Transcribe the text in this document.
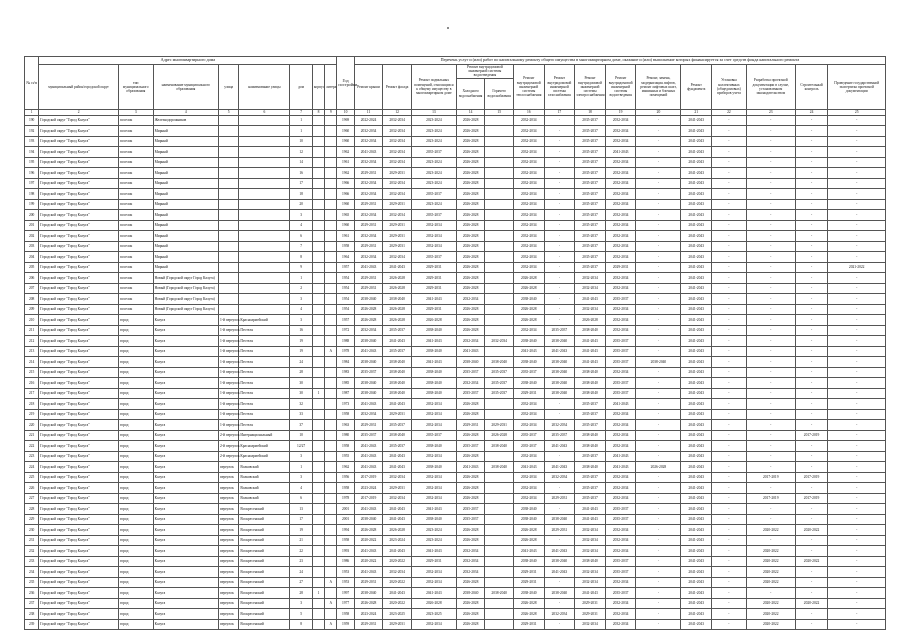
№ п/п	Адрес многоквартирного дома								Год постройки	Перечень услуг и (или) работ по капитальному ремонту общего имущества в многоквартирном доме, оказание и (или) выполнение которых финансируется за счет средств фонда капитального ремонта														
	муниципальный район/городской округ	тип муниципального образования	наименование муниципального образования	улица	наименование улицы	дом	корпус	литера		Ремонт крыши	Ремонт фасада	Ремонт подвальных помещений, относящихся к общему имуществу в многоквартирном доме	Ремонт внутридомовой инженерной системы водоотведения		Ремонт внутридомовой инженерной системы теплоснабжения	Ремонт внутридомовой инженерной системы газоснабжения	Ремонт внутридомовой инженерной системы электроснабжения	Ремонт внутридомовой инженерной системы водоотведения	Ремонт, замена, модернизация лифтов, ремонт лифтовых шахт, машинных и блочных помещений	Ремонт фундамента	Установка коллективных (общедомовых) приборов учета	Разработка проектной документации в случае, установленном законодательством	Строительный контроль	Проведение государственной экспертизы проектной документации
													Холодного водоснабжения	Горячего водоснабжения										
1	2	3	4	5	6	7	8	9	10	11	12	13	14	15	16	17	18	19	20	21	22	23	24	25
190	Городской округ "Город Калуга"	поселок	Железнодорожников			1			1969	2022-2024	2032-2034	2023-2024	2026-2028		2032-2034	-	2035-2037	2032-2034	-	2041-2043	-	-	-	-
192	Городской округ "Город Калуга"	поселок	Мирный			1			1960	2032-2034	2032-2034	2023-2024	2026-2028		2032-2034	-	2035-2037	2032-2034	-	2041-2043	-	-	-	-
193	Городской округ "Город Калуга"	поселок	Мирный			10			1960	2032-2034	2032-2034	2023-2024	2026-2028		2032-2034	-	2035-2037	2032-2034	-	2041-2043	-	-	-	-
194	Городской округ "Город Калуга"	поселок	Мирный			12			1962	2041-2043	2032-2034	2035-2037	2026-2028		2032-2034	-	2035-2037	2041-2043	-	2041-2043	-	-	-	-
195	Городской округ "Город Калуга"	поселок	Мирный			14			1961	2032-2034	2032-2034	2023-2024	2026-2028		2032-2034	-	2035-2037	2032-2034	-	2041-2043	-	-	-	-
196	Городской округ "Город Калуга"	поселок	Мирный			16			1962	2029-2031	2029-2031	2023-2024	2026-2028		2032-2034	-	2035-2037	2032-2034	-	2041-2043	-	-	-	-
197	Городской округ "Город Калуга"	поселок	Мирный			17			1966	2032-2034	2032-2034	2023-2024	2026-2028		2032-2034	-	2035-2037	2032-2034	-	2041-2043	-	-	-	-
198	Городской округ "Город Калуга"	поселок	Мирный			18			1966	2032-2034	2032-2034	2035-2037	2026-2028		2032-2034	-	2035-2037	2032-2034	-	2041-2043	-	-	-	-
199	Городской округ "Город Калуга"	поселок	Мирный			20			1960	2029-2031	2029-2031	2023-2024	2026-2028		2032-2034	-	2035-2037	2032-2034	-	2041-2043	-	-	-	-
200	Городской округ "Город Калуга"	поселок	Мирный			3			1965	2032-2034	2032-2034	2035-2037	2026-2028		2032-2034	-	2035-2037	2032-2034	-	2041-2043	-	-	-	-
201	Городской округ "Город Калуга"	поселок	Мирный			4			1960	2029-2031	2029-2031	2032-2034	2026-2028		2032-2034	-	2035-2037	2032-2034	-	2041-2043	-	-	-	-
202	Городской округ "Город Калуга"	поселок	Мирный			6			1961	2032-2034	2029-2031	2032-2034	2026-2028		2032-2034	-	2035-2037	2032-2034	-	2041-2043	-	-	-	-
203	Городской округ "Город Калуга"	поселок	Мирный			7			1958	2029-2031	2029-2031	2032-2034	2026-2028		2032-2034	-	2035-2037	2032-2034	-	2041-2043	-	-	-	-
204	Городской округ "Город Калуга"	поселок	Мирный			8			1964	2032-2034	2032-2034	2035-2037	2026-2028		2032-2034	-	2035-2037	2032-2034	-	2041-2043	-	-	-	-
205	Городской округ "Город Калуга"	поселок	Мирный			9			1957	2041-2043	2041-2043	2029-2031	2026-2028		2032-2034	-	2035-2037	2029-2031	-	2041-2043	-	-	-	2021-2022
206	Городской округ "Город Калуга"	поселок	Новый (Городской округ Город Калуга)			1			1954	2029-2031	2026-2028	2029-2031	2026-2028		2026-2028	-	2032-2034	2032-2034	-	2041-2043	-	-	-	-
207	Городской округ "Город Калуга"	поселок	Новый (Городской округ Город Калуга)			2			1954	2029-2031	2026-2028	2029-2031	2026-2028		2026-2028	-	2032-2034	2032-2034	-	2041-2043	-	-	-	-
208	Городской округ "Город Калуга"	поселок	Новый (Городской округ Город Калуга)			3			1954	2038-2040	2038-2040	2041-2043	2032-2034		2038-2040	-	2041-2043	2035-2037	-	2041-2043	-	-	-	-
209	Городской округ "Город Калуга"	поселок	Новый (Городской округ Город Калуга)			4			1954	2026-2028	2026-2028	2029-2031	2026-2028		2026-2028	-	2032-2034	2032-2034	-	2041-2043	-	-	-	-
210	Городской округ "Город Калуга"	город	Калуга	1-й переулок	Красноармейский	3			1957	2026-2028	2026-2028	2026-2028	2026-2028		2026-2028	-	2026-2028	2032-2034	-	2041-2043	-	-	-	-
211	Городской округ "Город Калуга"	город	Калуга	1-й переулок	Пестеля	16			1972	2032-2034	2035-2037	2038-2040	2026-2028		2032-2034	2035-2037	2038-2040	2032-2034	-	2041-2043	-	-	-	-
212	Городской округ "Город Калуга"	город	Калуга	1-й переулок	Пестеля	19			1988	2038-2040	2041-2043	2041-2043	2032-2034	2032-2034	2038-2040	2038-2040	2041-2043	2035-2037	-	2041-2043	-	-	-	-
213	Городской округ "Город Калуга"	город	Калуга	1-й переулок	Пестеля	19		А	1978	2041-2043	2035-2037	2038-2040	2041-2043		2041-2043	2041-2043	2041-2043	2035-2037	-	2041-2043	-	-	-	-
214	Городской округ "Город Калуга"	город	Калуга	1-й переулок	Пестеля	24			1984	2038-2040	2038-2040	2041-2043	2038-2040	2038-2040	2038-2040	2038-2040	2041-2043	2035-2037	2038-2040	2041-2043	-	-	-	-
215	Городской округ "Город Калуга"	город	Калуга	1-й переулок	Пестеля	28			1983	2035-2037	2038-2040	2038-2040	2035-2037	2035-2037	2035-2037	2038-2040	2038-2040	2032-2034	-	2041-2043	-	-	-	-
216	Городской округ "Город Калуга"	город	Калуга	1-й переулок	Пестеля	30			1985	2038-2040	2038-2040	2038-2040	2032-2034	2035-2037	2038-2040	2038-2040	2038-2040	2035-2037	-	2041-2043	-	-	-	-
217	Городской округ "Город Калуга"	город	Калуга	1-й переулок	Пестеля	30	1		1987	2038-2040	2038-2040	2038-2040	2035-2037	2035-2037	2029-2031	2038-2040	2038-2040	2035-2037	-	2041-2043	-	-	-	-
218	Городской округ "Город Калуга"	город	Калуга	1-й переулок	Пестеля	32			1973	2041-2043	2041-2043	2032-2034	2026-2028		2032-2034	-	2035-2037	2041-2043	-	2041-2043	-	-	-	-
219	Городской округ "Город Калуга"	город	Калуга	1-й переулок	Пестеля	33			1958	2032-2034	2029-2031	2032-2034	2026-2028		2032-2034	-	2035-2037	2032-2034	-	2041-2043	-	-	-	-
220	Городской округ "Город Калуга"	город	Калуга	1-й переулок	Пестеля	37			1963	2029-2031	2035-2037	2032-2034	2029-2031	2029-2031	2032-2034	2032-2034	2035-2037	2032-2034	-	2041-2043	-	-	-	-
221	Городской округ "Город Калуга"	город	Калуга	2-й переулок	Интернациональный	10			1980	2035-2037	2038-2040	2035-2037	2026-2028	2026-2028	2035-2037	2035-2037	2038-2040	2032-2034	-	2041-2043	-	-	2017-2019	-
222	Городской округ "Город Калуга"	город	Калуга	2-й переулок	Красноармейский	12/27			1958	2041-2043	2035-2037	2038-2040	2035-2037	2038-2040	2035-2037	2041-2043	2038-2040	2032-2034	-	2041-2043	-	-	-	-
223	Городской округ "Город Калуга"	город	Калуга	2-й переулок	Красноармейский	3			1955	2041-2043	2041-2043	2032-2034	2026-2028		2032-2034	-	2035-2037	2041-2043	-	2041-2043	-	-	-	-
224	Городской округ "Город Калуга"	город	Калуга	переулок	Волковский	1			1962	2041-2043	2041-2043	2038-2040	2041-2043	2038-2040	2041-2043	2041-2043	2038-2040	2041-2043	2026-2028	2041-2043	-	-	-	-
225	Городской округ "Город Калуга"	город	Калуга	переулок	Волковский	3			1956	2017-2019	2032-2034	2032-2034	2026-2028		2032-2034	2032-2034	2035-2037	2032-2034	-	2041-2043	-	2017-2019	2017-2019	-
226	Городской округ "Город Калуга"	город	Калуга	переулок	Волковский	4			1958	2023-2024	2029-2031	2032-2034	2026-2028		2032-2034	-	2035-2037	2032-2034	-	2041-2043	-	-	-	-
227	Городской округ "Город Калуга"	город	Калуга	переулок	Волковский	6			1978	2017-2019	2032-2034	2032-2034	2026-2028		2032-2034	2029-2031	2035-2037	2032-2034	-	2041-2043	-	2017-2019	2017-2019	-
228	Городской округ "Город Калуга"	город	Калуга	переулок	Воскресенский	13			2001	2041-2043	2041-2043	2041-2043	2035-2037		2038-2040	-	2041-2043	2035-2037	-	2041-2043	-	-	-	-
229	Городской округ "Город Калуга"	город	Калуга	переулок	Воскресенский	17			2001	2038-2040	2041-2043	2038-2040	2035-2037		2038-2040	2038-2040	2041-2043	2035-2037	-	2041-2043	-	-	-	-
230	Городской округ "Город Калуга"	город	Калуга	переулок	Воскресенский	19			1994	2026-2028	2026-2028	2023-2024	2026-2028		2026-2028	2029-2031	2032-2034	2032-2034	-	2041-2043	-	2020-2022	2020-2022	-
231	Городской округ "Город Калуга"	город	Калуга	переулок	Воскресенский	21			1958	2020-2022	2023-2024	2023-2024	2026-2028		2026-2028	-	2032-2034	2032-2034	-	2041-2043	-	-	-	-
232	Городской округ "Город Калуга"	город	Калуга	переулок	Воскресенский	22			1993	2041-2043	2041-2043	2041-2043	2032-2034		2041-2043	2041-2043	2032-2034	2032-2034	-	2041-2043	-	2020-2022	-	-
233	Городской округ "Город Калуга"	город	Калуга	переулок	Воскресенский	23			1986	2020-2022	2020-2022	2029-2031	2032-2034		2038-2040	2038-2040	2038-2040	2035-2037	-	2041-2043	-	2020-2022	2020-2022	-
234	Городской округ "Город Калуга"	город	Калуга	переулок	Воскресенский	24			1953	2041-2043	2032-2034	2032-2034	2032-2034		2029-2031	2041-2043	2032-2034	2035-2037	-	2041-2043	-	2020-2022	-	-
235	Городской округ "Город Калуга"	город	Калуга	переулок	Воскресенский	27		А	1953	2029-2031	2020-2022	2032-2034	2026-2028		2029-2031	-	2032-2034	2032-2034	-	2041-2043	-	2020-2022	-	-
236	Городской округ "Город Калуга"	город	Калуга	переулок	Воскресенский	28	1		1997	2038-2040	2041-2043	2041-2043	2038-2040	2038-2040	2038-2040	2038-2040	2041-2043	2035-2037	-	2041-2043	-	-	-	-
237	Городской округ "Город Калуга"	город	Калуга	переулок	Воскресенский	3		А	1977	2026-2028	2020-2022	2026-2028	2026-2028		2026-2028	-	2029-2031	2032-2034	-	2041-2043	-	2020-2022	2020-2022	-
238	Городской округ "Город Калуга"	город	Калуга	переулок	Воскресенский	5			1958	2023-2024	2023-2025	2023-2025	2026-2028		2026-2028	2032-2034	2029-2031	2032-2034	-	2041-2043	-	2020-2022	-	-
239	Городской округ "Город Калуга"	город	Калуга	переулок	Воскресенский	8		А	1959	2029-2031	2029-2031	2032-2034	2026-2028		2029-2031	-	2032-2034	2032-2034	-	2041-2043	-	2020-2022	-	-
